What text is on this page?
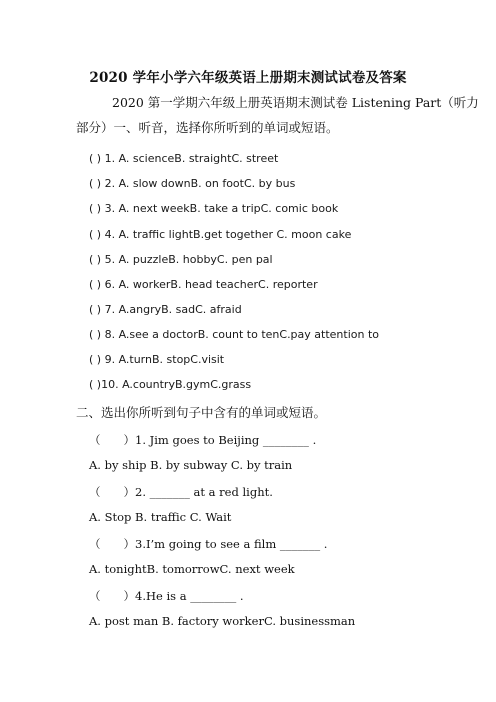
2020 学年小学六年级英语上册期末测试试卷及答案
2020 第一学期六年级上册英语期末测试卷 Listening Part（听力
部分）一、听音，选择你所听到的单词或短语。
( ) 1. A. scienceB. straightC. street
( ) 2. A. slow downB. on footC. by bus
( ) 3. A. next weekB. take a tripC. comic book
( ) 4. A. traffic lightB.get together C. moon cake
( ) 5. A. puzzleB. hobbyC. pen pal
( ) 6. A. workerB. head teacherC. reporter
( ) 7. A.angryB. sadC. afraid
( ) 8. A.see a doctorB. count to tenC.pay attention to
( ) 9. A.turnB. stopC.visit
( )10. A.countryB.gymC.grass
二、选出你所听到句子中含有的单词或短语。
（　　）1. Jim goes to Beijing ________ .
A. by ship B. by subway C. by train
（　　）2. _______ at a red light.
A. Stop B. traffic C. Wait
（　　）3.I’m going to see a film _______ .
A. tonightB. tomorrowC. next week
（　　）4.He is a ________ .
A. post man B. factory workerC. businessman
